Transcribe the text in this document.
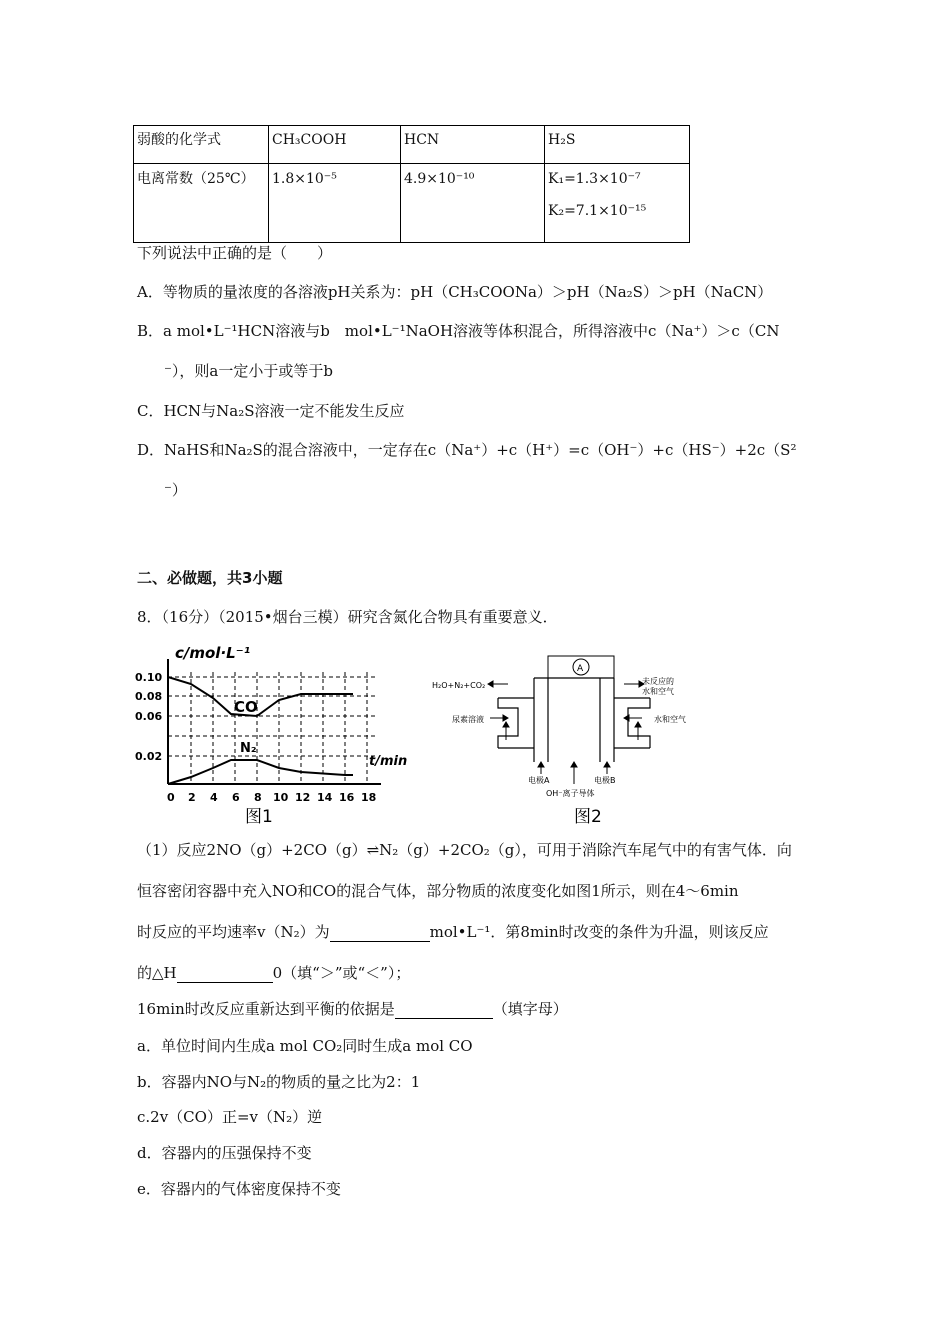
弱酸的化学式	CH₃COOH	HCN	H₂S
电离常数（25℃）	1.8×10⁻⁵	4.9×10⁻¹⁰	K₁=1.3×10⁻⁷
K₂=7.1×10⁻¹⁵
下列说法中正确的是（　　）
A．等物质的量浓度的各溶液pH关系为：pH（CH₃COONa）＞pH（Na₂S）＞pH（NaCN）
B．a mol•L⁻¹HCN溶液与b　mol•L⁻¹NaOH溶液等体积混合，所得溶液中c（Na⁺）＞c（CN
⁻），则a一定小于或等于b
C．HCN与Na₂S溶液一定不能发生反应
D．NaHS和Na₂S的混合溶液中，一定存在c（Na⁺）+c（H⁺）=c（OH⁻）+c（HS⁻）+2c（S²
⁻）
二、必做题，共3小题
8．（16分）（2015•烟台三模）研究含氮化合物具有重要意义．
c/mol·L⁻¹
t/min
CO
N₂
0.10
0.08
0.06
0.02
0 2 4 6 8 10 12 14 16 18
图1
A
H₂O+N₂+CO₂
尿素溶液
未反应的
水和空气
水和空气
电极A	电极B
OH⁻离子导体
图2
（1）反应2NO（g）+2CO（g）⇌N₂（g）+2CO₂（g），可用于消除汽车尾气中的有害气体．向
恒容密闭容器中充入NO和CO的混合气体，部分物质的浓度变化如图1所示，则在4～6min
时反应的平均速率v（N₂）为	mol•L⁻¹．第8min时改变的条件为升温，则该反应
的△H	0（填“＞”或“＜”）；
16min时改反应重新达到平衡的依据是	（填字母）
a．单位时间内生成a mol CO₂同时生成a mol CO
b．容器内NO与N₂的物质的量之比为2：1
c.2v（CO）正=v（N₂）逆
d．容器内的压强保持不变
e．容器内的气体密度保持不变
